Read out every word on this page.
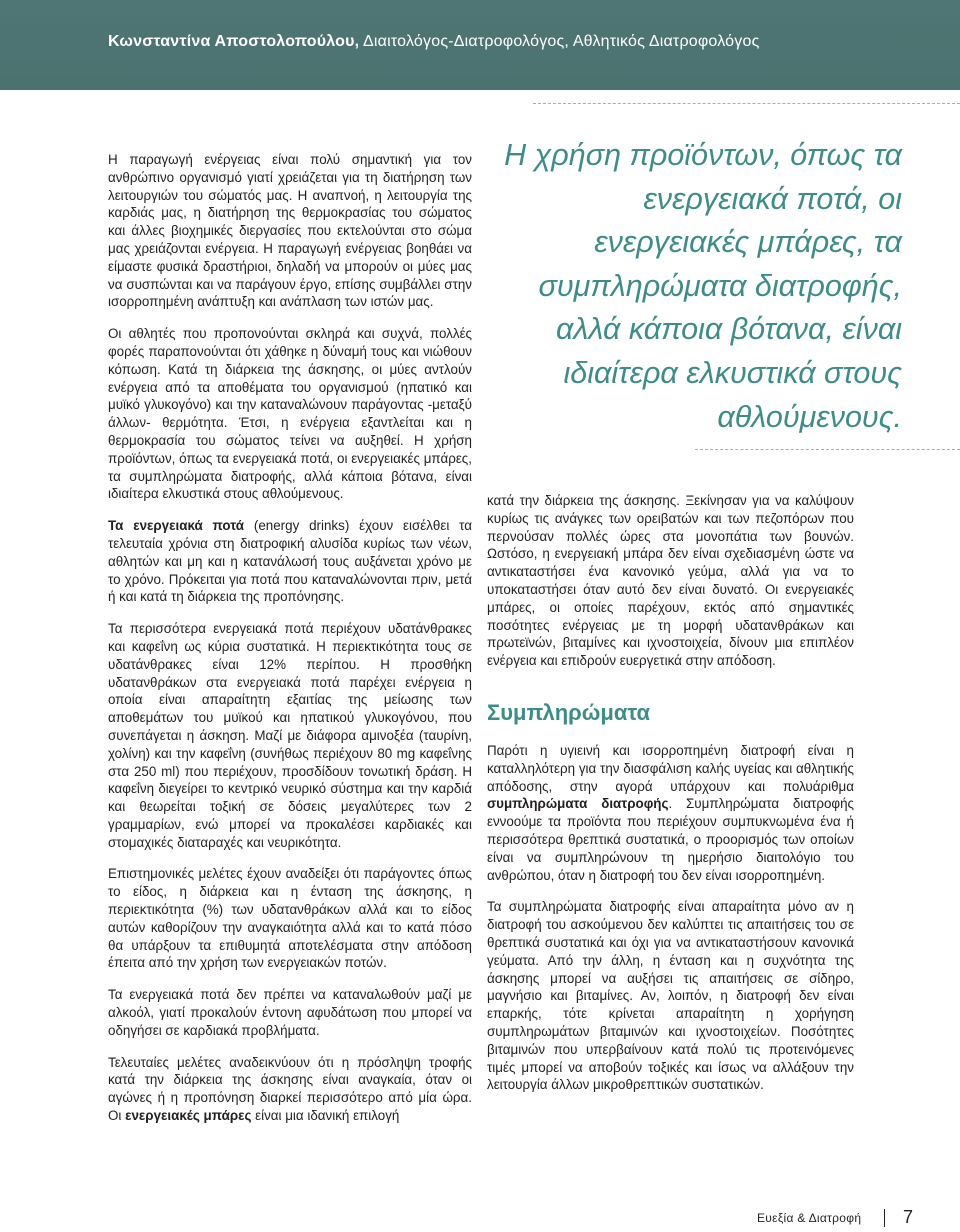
Κωνσταντίνα Αποστολοπούλου, Διαιτολόγος-Διατροφολόγος, Αθλητικός Διατροφολόγος
Η χρήση προϊόντων, όπως τα ενεργειακά ποτά, οι ενεργειακές μπάρες, τα συμπληρώματα διατροφής, αλλά κάποια βότανα, είναι ιδιαίτερα ελκυστικά στους αθλούμενους.

Η παραγωγή ενέργειας είναι πολύ σημαντική για τον ανθρώπινο οργανισμό γιατί χρειάζεται για τη διατήρηση των λειτουργιών του σώματός μας. Η αναπνοή, η λειτουργία της καρδιάς μας, η διατήρηση της θερμοκρασίας του σώματος και άλλες βιοχημικές διεργασίες που εκτελούνται στο σώμα μας χρειάζονται ενέργεια. Η παραγωγή ενέργειας βοηθάει να είμαστε φυσικά δραστήριοι, δηλαδή να μπορούν οι μύες μας να συσπώνται και να παράγουν έργο, επίσης συμβάλλει στην ισορροπημένη ανάπτυξη και ανάπλαση των ιστών μας.

Οι αθλητές που προπονούνται σκληρά και συχνά, πολλές φορές παραπονούνται ότι χάθηκε η δύναμή τους και νιώθουν κόπωση. Κατά τη διάρκεια της άσκησης, οι μύες αντλούν ενέργεια από τα αποθέματα του οργανισμού (ηπατικό και μυϊκό γλυκογόνο) και την καταναλώνουν παράγοντας -μεταξύ άλλων- θερμότητα. Έτσι, η ενέργεια εξαντλείται και η θερμοκρασία του σώματος τείνει να αυξηθεί. Η χρήση προϊόντων, όπως τα ενεργειακά ποτά, οι ενεργειακές μπάρες, τα συμπληρώματα διατροφής, αλλά κάποια βότανα, είναι ιδιαίτερα ελκυστικά στους αθλούμενους.

Τα ενεργειακά ποτά (energy drinks) έχουν εισέλθει τα τελευταία χρόνια στη διατροφική αλυσίδα κυρίως των νέων, αθλητών και μη και η κατανάλωσή τους αυξάνεται χρόνο με το χρόνο. Πρόκειται για ποτά που καταναλώνονται πριν, μετά ή και κατά τη διάρκεια της προπόνησης.

Τα περισσότερα ενεργειακά ποτά περιέχουν υδατάνθρακες και καφεΐνη ως κύρια συστατικά. Η περιεκτικότητα τους σε υδατάνθρακες είναι 12% περίπου. Η προσθήκη υδατανθράκων στα ενεργειακά ποτά παρέχει ενέργεια η οποία είναι απαραίτητη εξαιτίας της μείωσης των αποθεμάτων του μυϊκού και ηπατικού γλυκογόνου, που συνεπάγεται η άσκηση. Μαζί με διάφορα αμινοξέα (ταυρίνη, χολίνη) και την καφεΐνη (συνήθως περιέχουν 80 mg καφεΐνης στα 250 ml) που περιέχουν, προσδίδουν τονωτική δράση. Η καφεΐνη διεγείρει το κεντρικό νευρικό σύστημα και την καρδιά και θεωρείται τοξική σε δόσεις μεγαλύτερες των 2 γραμμαρίων, ενώ μπορεί να προκαλέσει καρδιακές και στομαχικές διαταραχές και νευρικότητα.

Επιστημονικές μελέτες έχουν αναδείξει ότι παράγοντες όπως το είδος, η διάρκεια και η ένταση της άσκησης, η περιεκτικότητα (%) των υδατανθράκων αλλά και το είδος αυτών καθορίζουν την αναγκαιότητα αλλά και το κατά πόσο θα υπάρξουν τα επιθυμητά αποτελέσματα στην απόδοση έπειτα από την χρήση των ενεργειακών ποτών.

Τα ενεργειακά ποτά δεν πρέπει να καταναλωθούν μαζί με αλκοόλ, γιατί προκαλούν έντονη αφυδάτωση που μπορεί να οδηγήσει σε καρδιακά προβλήματα.

Τελευταίες μελέτες αναδεικνύουν ότι η πρόσληψη τροφής κατά την διάρκεια της άσκησης είναι αναγκαία, όταν οι αγώνες ή η προπόνηση διαρκεί περισσότερο από μία ώρα. Οι ενεργειακές μπάρες είναι μια ιδανική επιλογή

κατά την διάρκεια της άσκησης. Ξεκίνησαν για να καλύψουν κυρίως τις ανάγκες των ορειβατών και των πεζοπόρων που περνούσαν πολλές ώρες στα μονοπάτια των βουνών. Ωστόσο, η ενεργειακή μπάρα δεν είναι σχεδιασμένη ώστε να αντικαταστήσει ένα κανονικό γεύμα, αλλά για να το υποκαταστήσει όταν αυτό δεν είναι δυνατό. Οι ενεργειακές μπάρες, οι οποίες παρέχουν, εκτός από σημαντικές ποσότητες ενέργειας με τη μορφή υδατανθράκων και πρωτεϊνών, βιταμίνες και ιχνοστοιχεία, δίνουν μια επιπλέον ενέργεια και επιδρούν ευεργετικά στην απόδοση.

Συμπληρώματα

Παρότι η υγιεινή και ισορροπημένη διατροφή είναι η καταλληλότερη για την διασφάλιση καλής υγείας και αθλητικής απόδοσης, στην αγορά υπάρχουν και πολυάριθμα συμπληρώματα διατροφής. Συμπληρώματα διατροφής εννοούμε τα προϊόντα που περιέχουν συμπυκνωμένα ένα ή περισσότερα θρεπτικά συστατικά, ο προορισμός των οποίων είναι να συμπληρώνουν τη ημερήσιο διαιτολόγιο του ανθρώπου, όταν η διατροφή του δεν είναι ισορροπημένη.

Τα συμπληρώματα διατροφής είναι απαραίτητα μόνο αν η διατροφή του ασκούμενου δεν καλύπτει τις απαιτήσεις του σε θρεπτικά συστατικά και όχι για να αντικαταστήσουν κανονικά γεύματα. Από την άλλη, η ένταση και η συχνότητα της άσκησης μπορεί να αυξήσει τις απαιτήσεις σε σίδηρο, μαγνήσιο και βιταμίνες. Αν, λοιπόν, η διατροφή δεν είναι επαρκής, τότε κρίνεται απαραίτητη η χορήγηση συμπληρωμάτων βιταμινών και ιχνοστοιχείων. Ποσότητες βιταμινών που υπερβαίνουν κατά πολύ τις προτεινόμενες τιμές μπορεί να αποβούν τοξικές και ίσως να αλλάξουν την λειτουργία άλλων μικροθρεπτικών συστατικών.

Ευεξία & Διατροφή 7
